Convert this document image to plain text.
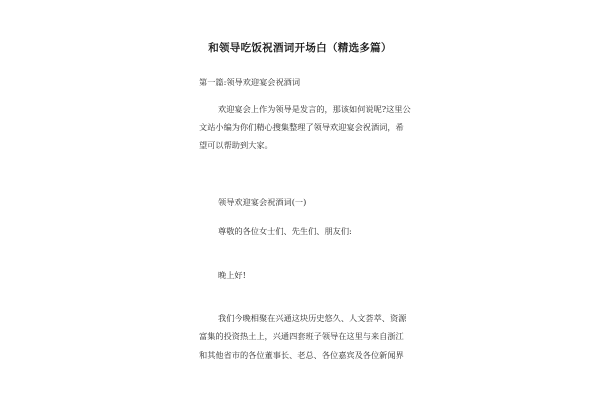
和领导吃饭祝酒词开场白（精选多篇）
第一篇:领导欢迎宴会祝酒词
欢迎宴会上作为领导是发言的，那该如何说呢?这里公
文站小编为你们精心搜集整理了领导欢迎宴会祝酒词，希
望可以帮助到大家。
领导欢迎宴会祝酒词(一)
尊敬的各位女士们、先生们、朋友们:
晚上好!
我们今晚相聚在兴通这块历史悠久、人文荟萃、资源
富集的投资热土上，兴通四套班子领导在这里与来自浙江
和其他省市的各位董事长、老总、各位嘉宾及各位新闻界
